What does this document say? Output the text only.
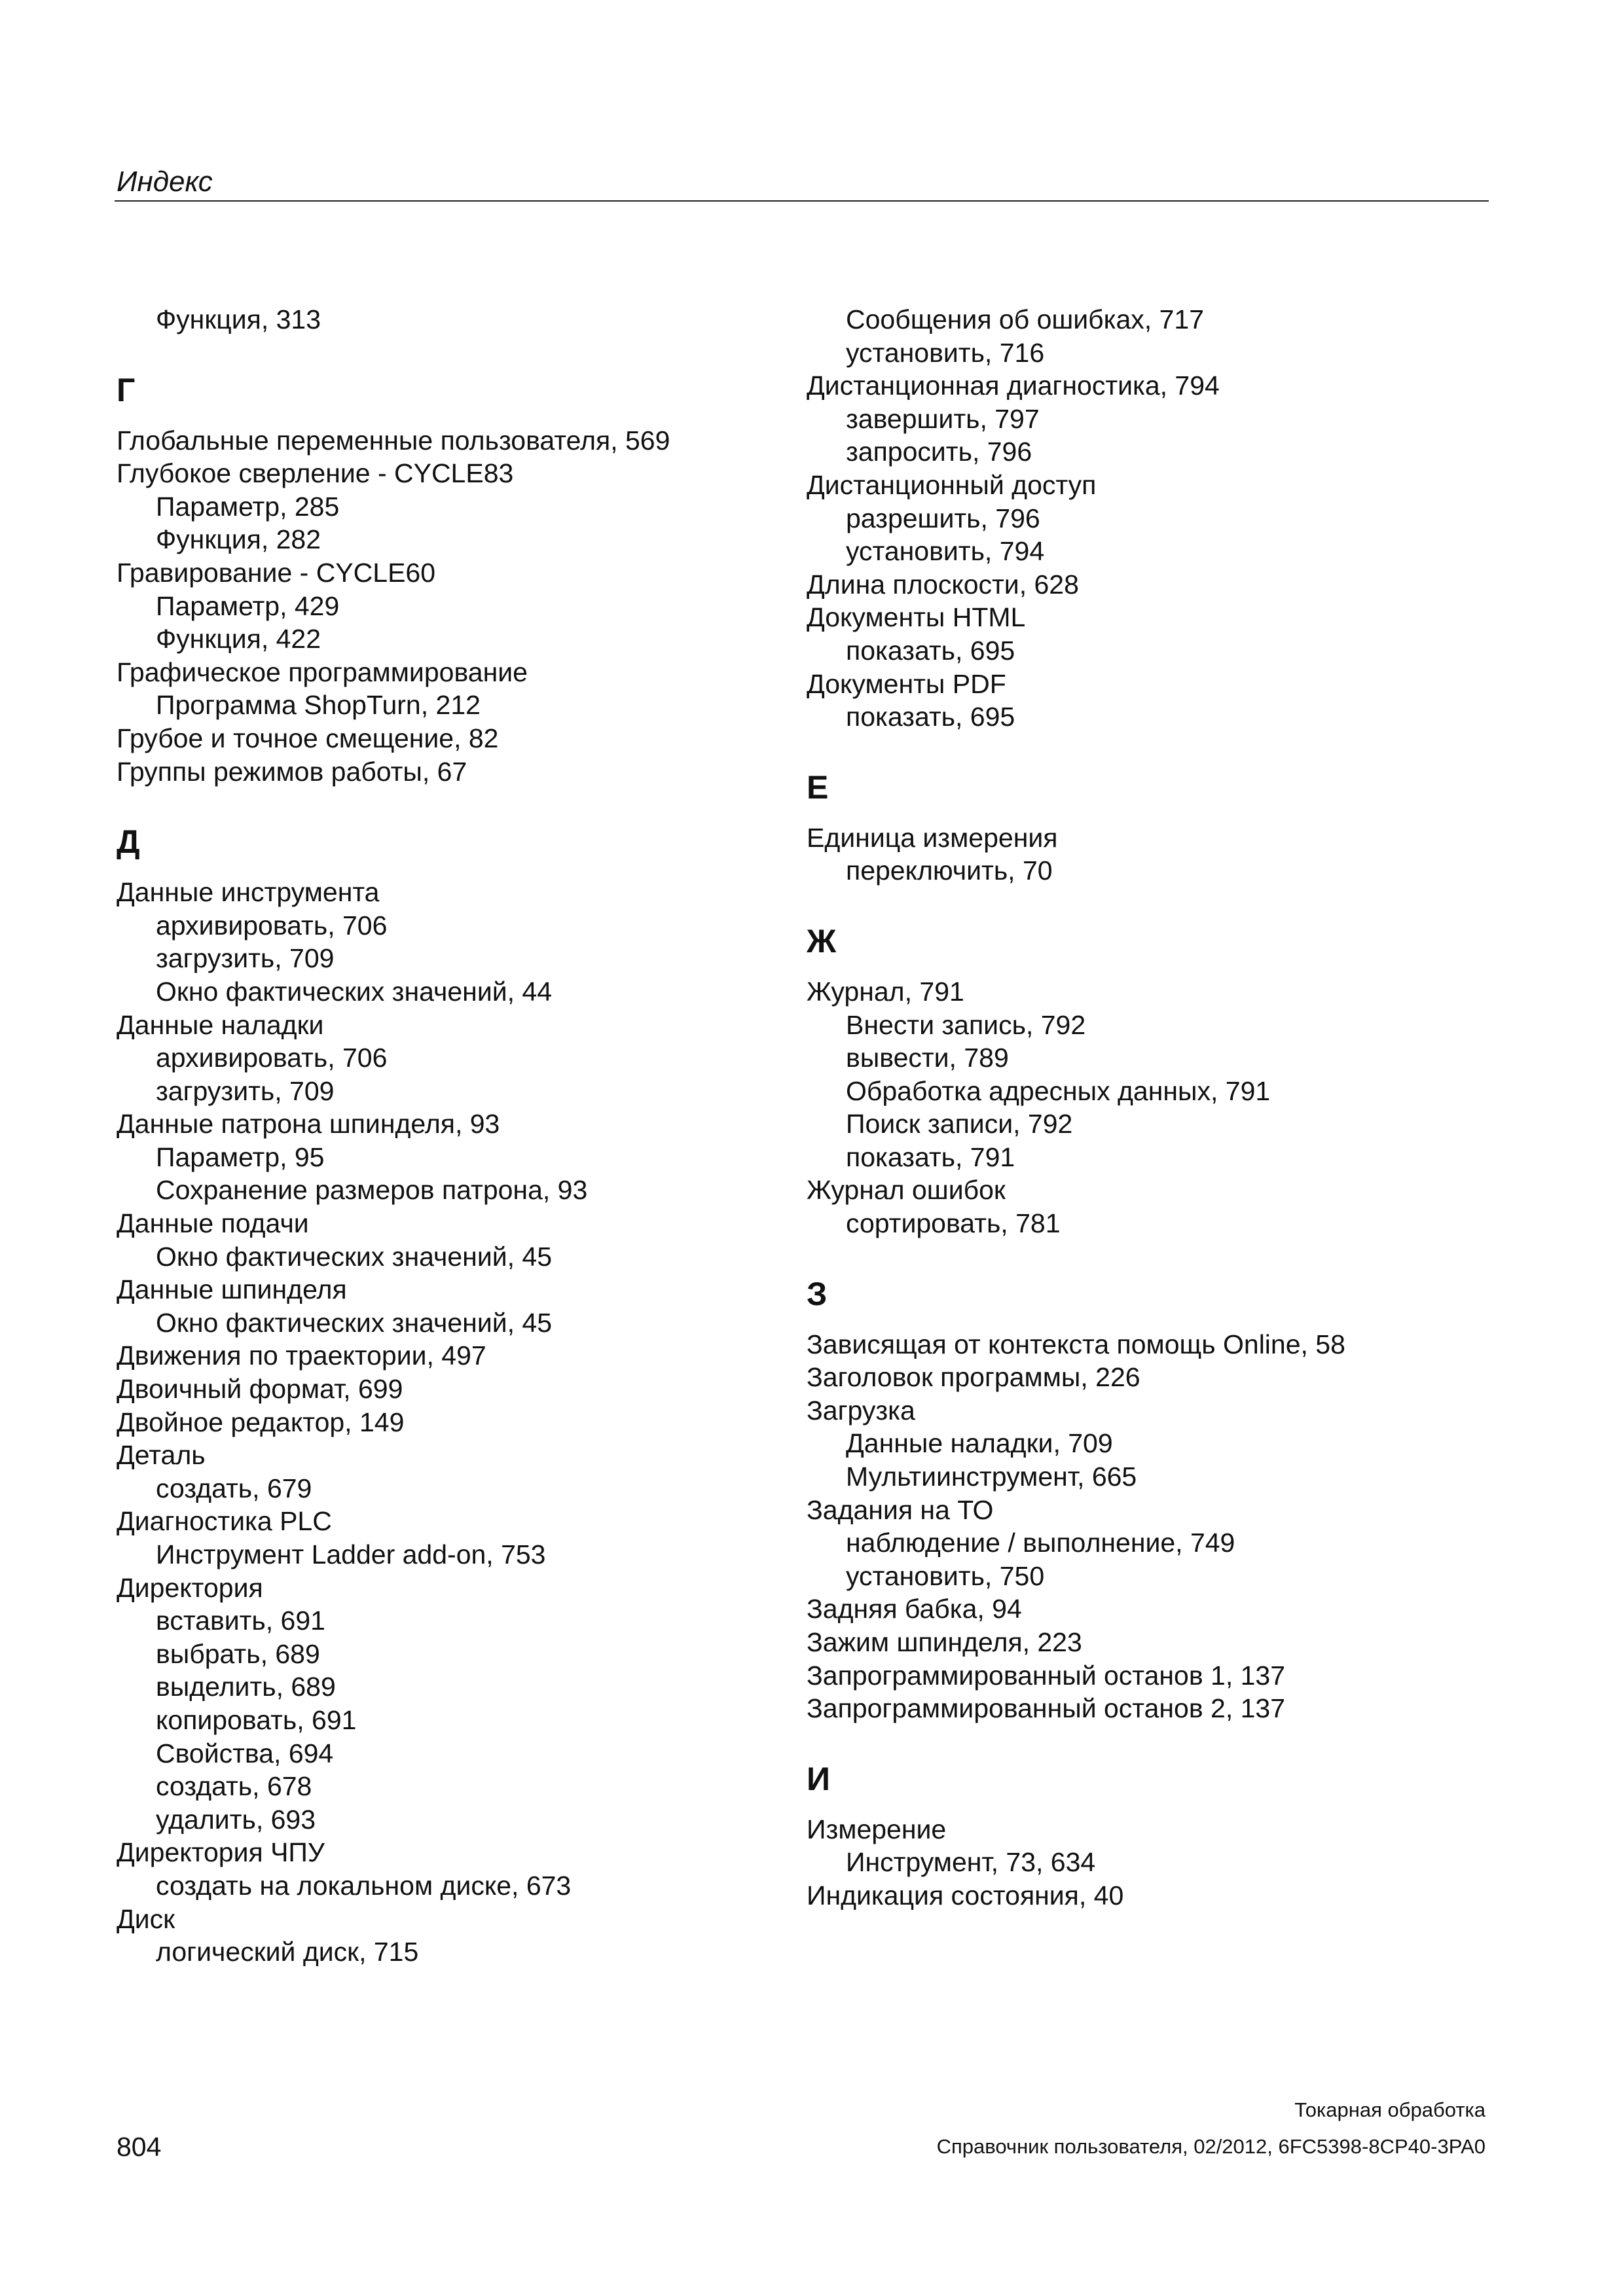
Индекс
Функция, 313
Г
Глобальные переменные пользователя, 569
Глубокое сверление - CYCLE83
Параметр, 285
Функция, 282
Гравирование - CYCLE60
Параметр, 429
Функция, 422
Графическое программирование
Программа ShopTurn, 212
Грубое и точное смещение, 82
Группы режимов работы, 67
Д
Данные инструмента
архивировать, 706
загрузить, 709
Окно фактических значений, 44
Данные наладки
архивировать, 706
загрузить, 709
Данные патрона шпинделя, 93
Параметр, 95
Сохранение размеров патрона, 93
Данные подачи
Окно фактических значений, 45
Данные шпинделя
Окно фактических значений, 45
Движения по траектории, 497
Двоичный формат, 699
Двойное редактор, 149
Деталь
создать, 679
Диагностика PLC
Инструмент Ladder add-on, 753
Директория
вставить, 691
выбрать, 689
выделить, 689
копировать, 691
Свойства, 694
создать, 678
удалить, 693
Директория ЧПУ
создать на локальном диске, 673
Диск
логический диск, 715
Сообщения об ошибках, 717
установить, 716
Дистанционная диагностика, 794
завершить, 797
запросить, 796
Дистанционный доступ
разрешить, 796
установить, 794
Длина плоскости, 628
Документы HTML
показать, 695
Документы PDF
показать, 695
Е
Единица измерения
переключить, 70
Ж
Журнал, 791
Внести запись, 792
вывести, 789
Обработка адресных данных, 791
Поиск записи, 792
показать, 791
Журнал ошибок
сортировать, 781
З
Зависящая от контекста помощь Online, 58
Заголовок программы, 226
Загрузка
Данные наладки, 709
Мультиинструмент, 665
Задания на ТО
наблюдение / выполнение, 749
установить, 750
Задняя бабка, 94
Зажим шпинделя, 223
Запрограммированный останов 1, 137
Запрограммированный останов 2, 137
И
Измерение
Инструмент, 73, 634
Индикация состояния, 40
Токарная обработка
804	Справочник пользователя, 02/2012, 6FC5398-8CP40-3PA0
